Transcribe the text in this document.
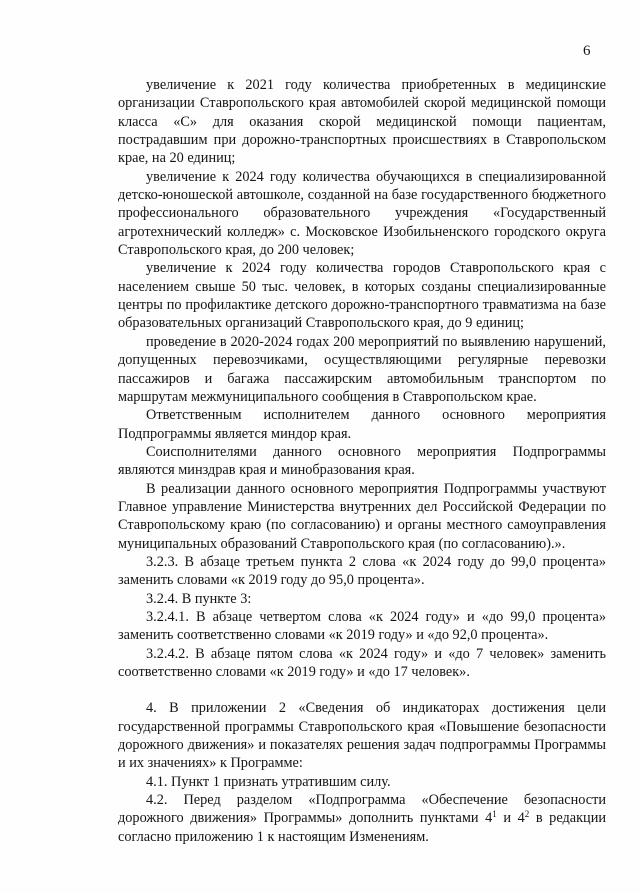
6

увеличение к 2021 году количества приобретенных в медицинские организации Ставропольского края автомобилей скорой медицинской помощи класса «С» для оказания скорой медицинской помощи пациентам, пострадавшим при дорожно-транспортных происшествиях в Ставропольском крае, на 20 единиц;

увеличение к 2024 году количества обучающихся в специализированной детско-юношеской автошколе, созданной на базе государственного бюджетного профессионального образовательного учреждения «Государственный агротехнический колледж» с. Московское Изобильненского городского округа Ставропольского края, до 200 человек;

увеличение к 2024 году количества городов Ставропольского края с населением свыше 50 тыс. человек, в которых созданы специализированные центры по профилактике детского дорожно-транспортного травматизма на базе образовательных организаций Ставропольского края, до 9 единиц;

проведение в 2020-2024 годах 200 мероприятий по выявлению нарушений, допущенных перевозчиками, осуществляющими регулярные перевозки пассажиров и багажа пассажирским автомобильным транспортом по маршрутам межмуниципального сообщения в Ставропольском крае.

Ответственным исполнителем данного основного мероприятия Подпрограммы является миндор края.

Соисполнителями данного основного мероприятия Подпрограммы являются минздрав края и минобразования края.

В реализации данного основного мероприятия Подпрограммы участвуют Главное управление Министерства внутренних дел Российской Федерации по Ставропольскому краю (по согласованию) и органы местного самоуправления муниципальных образований Ставропольского края (по согласованию).».

3.2.3. В абзаце третьем пункта 2 слова «к 2024 году до 99,0 процента» заменить словами «к 2019 году до 95,0 процента».

3.2.4. В пункте 3:

3.2.4.1. В абзаце четвертом слова «к 2024 году» и «до 99,0 процента» заменить соответственно словами «к 2019 году» и «до 92,0 процента».

3.2.4.2. В абзаце пятом слова «к 2024 году» и «до 7 человек» заменить соответственно словами «к 2019 году» и «до 17 человек».

4. В приложении 2 «Сведения об индикаторах достижения цели государственной программы Ставропольского края «Повышение безопасности дорожного движения» и показателях решения задач подпрограммы Программы и их значениях» к Программе:

4.1. Пункт 1 признать утратившим силу.

4.2. Перед разделом «Подпрограмма «Обеспечение безопасности дорожного движения» Программы» дополнить пунктами $4^1$ и $4^2$ в редакции согласно приложению 1 к настоящим Изменениям.
